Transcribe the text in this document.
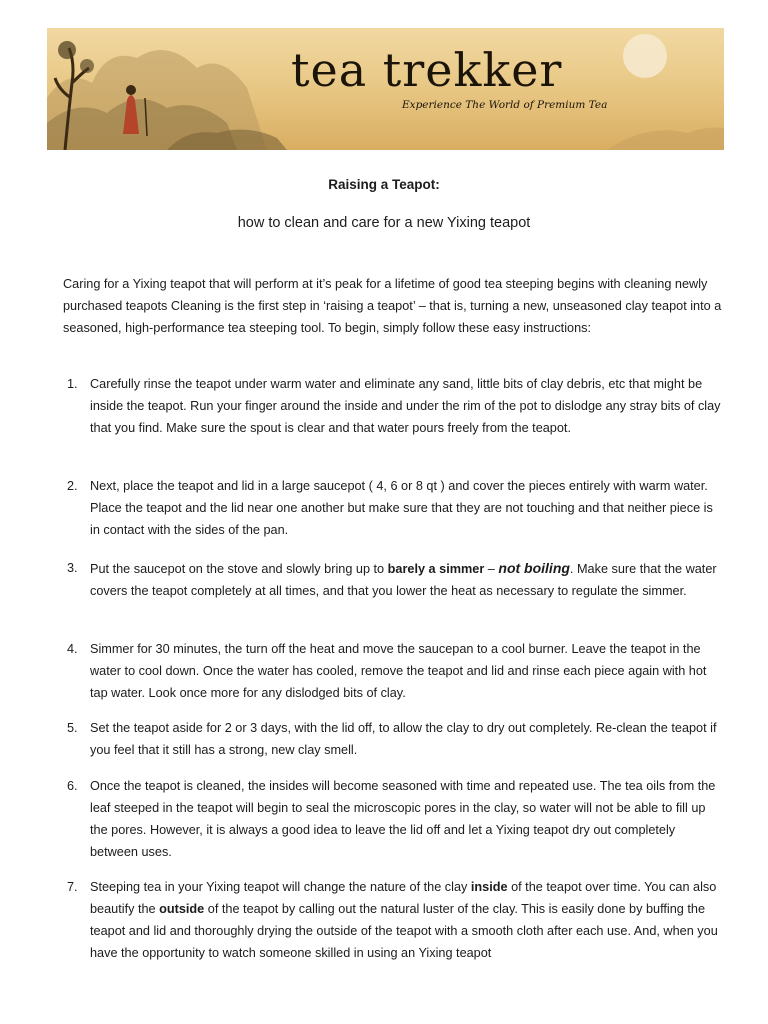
tea trekker
Experience The World of Premium Tea
Raising a Teapot:
how to clean and care for a new Yixing teapot

Caring for a Yixing teapot that will perform at it’s peak for a lifetime of good tea steeping begins with cleaning newly purchased teapots Cleaning is the first step in ‘raising a teapot’ – that is, turning a new, unseasoned clay teapot into a seasoned, high-performance tea steeping tool. To begin, simply follow these easy instructions:

1. Carefully rinse the teapot under warm water and eliminate any sand, little bits of clay debris, etc that might be inside the teapot. Run your finger around the inside and under the rim of the pot to dislodge any stray bits of clay that you find. Make sure the spout is clear and that water pours freely from the teapot.
2. Next, place the teapot and lid in a large saucepot ( 4, 6 or 8 qt ) and cover the pieces entirely with warm water. Place the teapot and the lid near one another but make sure that they are not touching and that neither piece is in contact with the sides of the pan.
3. Put the saucepot on the stove and slowly bring up to barely a simmer – not boiling. Make sure that the water covers the teapot completely at all times, and that you lower the heat as necessary to regulate the simmer.
4. Simmer for 30 minutes, the turn off the heat and move the saucepan to a cool burner. Leave the teapot in the water to cool down. Once the water has cooled, remove the teapot and lid and rinse each piece again with hot tap water. Look once more for any dislodged bits of clay.
5. Set the teapot aside for 2 or 3 days, with the lid off, to allow the clay to dry out completely. Re-clean the teapot if you feel that it still has a strong, new clay smell.
6. Once the teapot is cleaned, the insides will become seasoned with time and repeated use. The tea oils from the leaf steeped in the teapot will begin to seal the microscopic pores in the clay, so water will not be able to fill up the pores. However, it is always a good idea to leave the lid off and let a Yixing teapot dry out completely between uses.
7. Steeping tea in your Yixing teapot will change the nature of the clay inside of the teapot over time. You can also beautify the outside of the teapot by calling out the natural luster of the clay. This is easily done by buffing the teapot and lid and thoroughly drying the outside of the teapot with a smooth cloth after each use. And, when you have the opportunity to watch someone skilled in using an Yixing teapot
